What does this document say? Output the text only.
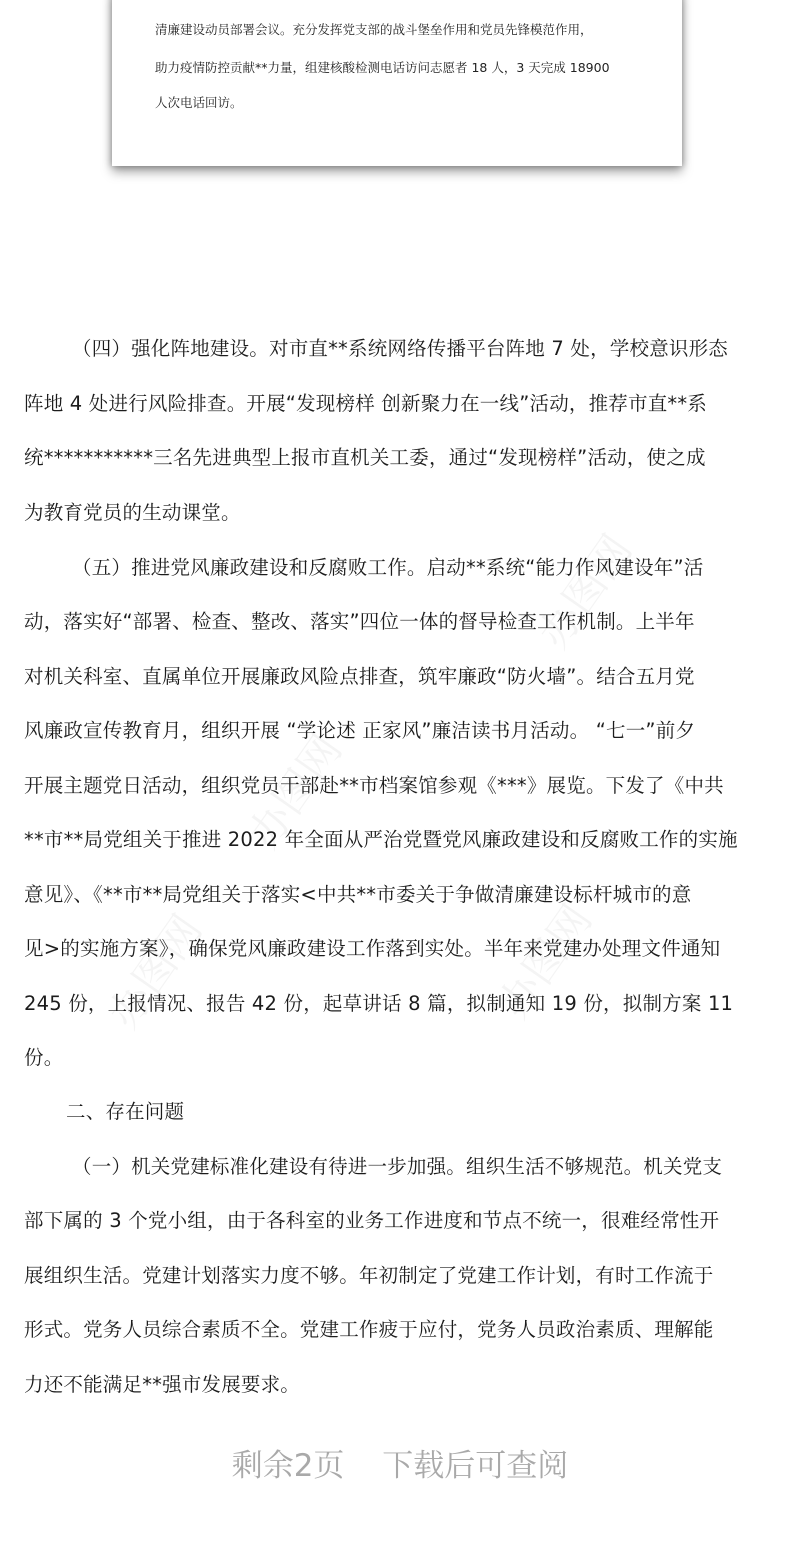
清廉建设动员部署会议。充分发挥党支部的战斗堡垒作用和党员先锋模范作用，
助力疫情防控贡献**力量，组建核酸检测电话访问志愿者 18 人，3 天完成 18900
人次电话回访。
（四）强化阵地建设。对市直**系统网络传播平台阵地 7 处，学校意识形态
阵地 4 处进行风险排查。开展“发现榜样 创新聚力在一线”活动，推荐市直**系
统***********三名先进典型上报市直机关工委，通过“发现榜样”活动，使之成
为教育党员的生动课堂。
（五）推进党风廉政建设和反腐败工作。启动**系统“能力作风建设年”活
动，落实好“部署、检查、整改、落实”四位一体的督导检查工作机制。上半年
对机关科室、直属单位开展廉政风险点排查，筑牢廉政“防火墙”。结合五月党
风廉政宣传教育月，组织开展 “学论述 正家风”廉洁读书月活动。 “七一”前夕
开展主题党日活动，组织党员干部赴**市档案馆参观《***》展览。下发了《中共
**市**局党组关于推进 2022 年全面从严治党暨党风廉政建设和反腐败工作的实施
意见》、《**市**局党组关于落实<中共**市委关于争做清廉建设标杆城市的意
见>的实施方案》，确保党风廉政建设工作落到实处。半年来党建办处理文件通知
245 份，上报情况、报告 42 份，起草讲话 8 篇，拟制通知 19 份，拟制方案 11
份。
二、存在问题
（一）机关党建标准化建设有待进一步加强。组织生活不够规范。机关党支
部下属的 3 个党小组，由于各科室的业务工作进度和节点不统一，很难经常性开
展组织生活。党建计划落实力度不够。年初制定了党建工作计划，有时工作流于
形式。党务人员综合素质不全。党建工作疲于应付，党务人员政治素质、理解能
力还不能满足**强市发展要求。
剩余2页 下载后可查阅
